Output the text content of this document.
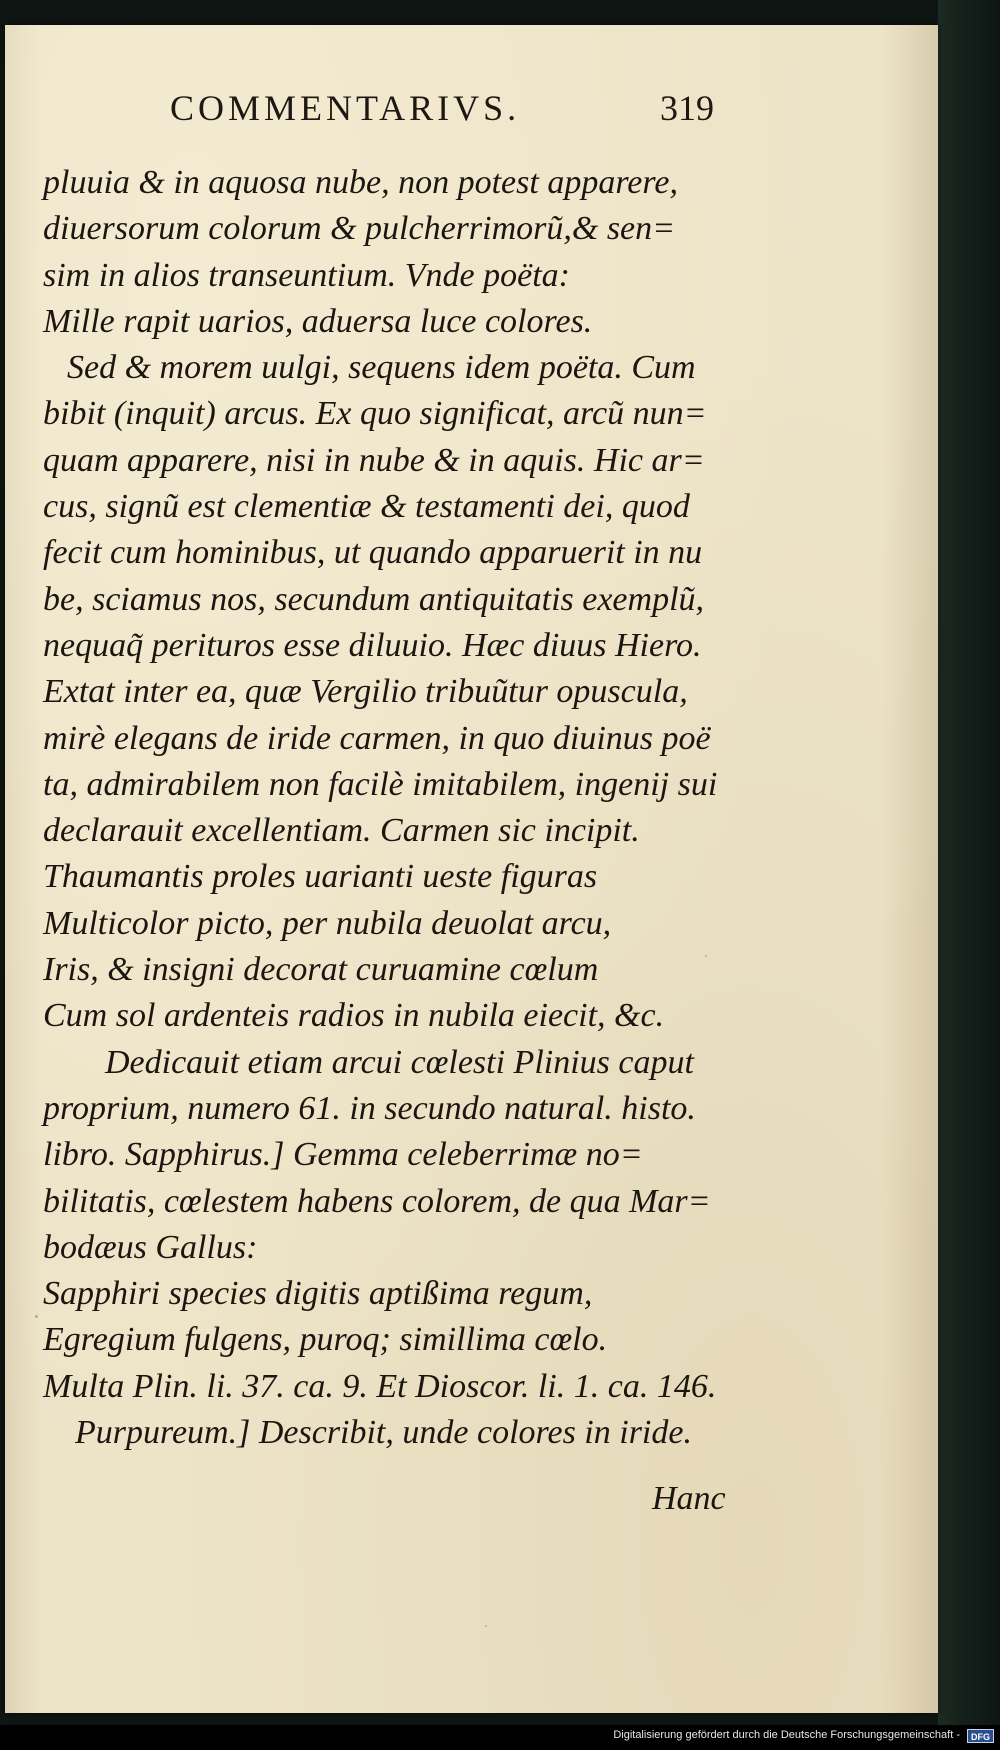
COMMENTARIVS.	319
pluuia & in aquosa nube, non potest apparere,
diuersorum colorum & pulcherrimorũ,& sen=
sim in alios transeuntium. Vnde poëta:
Mille rapit uarios, aduersa luce colores.
Sed & morem uulgi, sequens idem poëta. Cum
bibit (inquit) arcus. Ex quo significat, arcũ nun=
quam apparere, nisi in nube & in aquis. Hic ar=
cus, signũ est clementiæ & testamenti dei, quod
fecit cum hominibus, ut quando apparuerit in nu
be, sciamus nos, secundum antiquitatis exemplũ,
nequaq̃ perituros esse diluuio. Hæc diuus Hiero.
Extat inter ea, quæ Vergilio tribuũtur opuscula,
mirè elegans de iride carmen, in quo diuinus poë
ta, admirabilem non facilè imitabilem, ingenij sui
declarauit excellentiam. Carmen sic incipit.
Thaumantis proles uarianti ueste figuras
Multicolor picto, per nubila deuolat arcu,
Iris, & insigni decorat curuamine cœlum
Cum sol ardenteis radios in nubila eiecit, &c.
Dedicauit etiam arcui cœlesti Plinius caput
proprium, numero 61. in secundo natural. histo.
libro. Sapphirus.] Gemma celeberrimæ no=
bilitatis, cœlestem habens colorem, de qua Mar=
bodæus Gallus:
Sapphiri species digitis aptißima regum,
Egregium fulgens, puroq; simillima cœlo.
Multa Plin. li. 37. ca. 9. Et Dioscor. li. 1. ca. 146.
Purpureum.] Describit, unde colores in iride.
Hanc
Digitalisierung gefördert durch die Deutsche Forschungsgemeinschaft -	DFG
